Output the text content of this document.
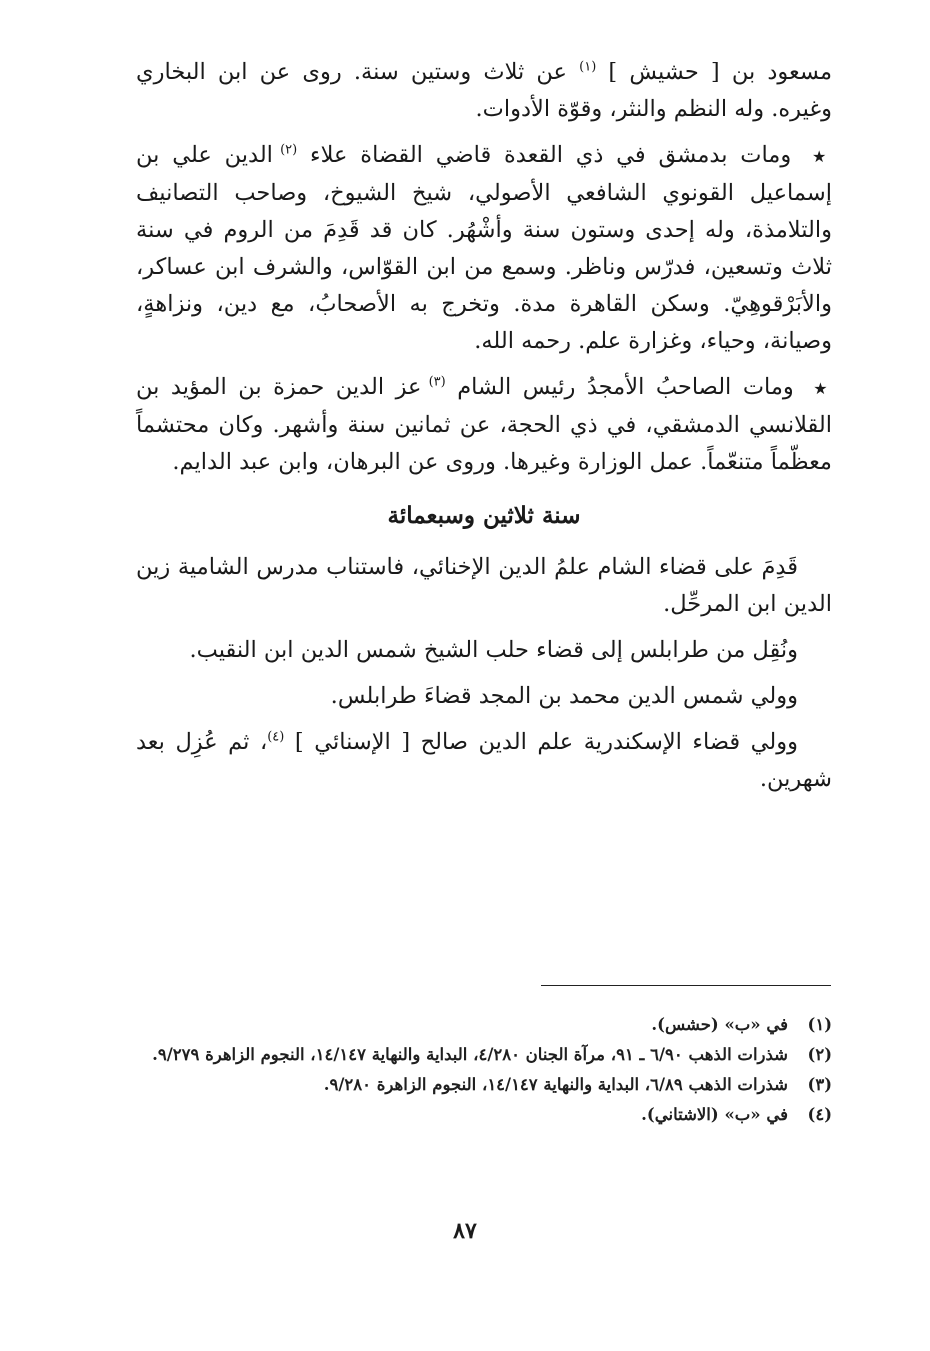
مسعود بن [ حشيش ] $^{(١)}$ عن ثلاث وستين سنة. روى عن ابن البخاري وغيره. وله النظم والنثر، وقوّة الأدوات.

★ ومات بدمشق في ذي القعدة قاضي القضاة علاء $^{(٢)}$ الدين علي بن إسماعيل القونوي الشافعي الأصولي، شيخ الشيوخ، وصاحب التصانيف والتلامذة، وله إحدى وستون سنة وأشْهُر. كان قد قَدِمَ من الروم في سنة ثلاث وتسعين، فدرّس وناظر. وسمع من ابن القوّاس، والشرف ابن عساكر، والأبَرْقوهِيّ. وسكن القاهرة مدة. وتخرج به الأصحابُ، مع دين، ونزاهةٍ، وصيانة، وحياء، وغزارة علم. رحمه الله.

★ ومات الصاحبُ الأمجدُ رئيس الشام $^{(٣)}$ عز الدين حمزة بن المؤيد بن القلانسي الدمشقي، في ذي الحجة، عن ثمانين سنة وأشهر. وكان محتشماً معظّماً متنعّماً. عمل الوزارة وغيرها. وروى عن البرهان، وابن عبد الدايم.

سنة ثلاثين وسبعمائة

قَدِمَ على قضاء الشام علمُ الدين الإخنائي، فاستناب مدرس الشامية زين الدين ابن المرحِّل.

ونُقِل من طرابلس إلى قضاء حلب الشيخ شمس الدين ابن النقيب.

وولي شمس الدين محمد بن المجد قضاءَ طرابلس.

وولي قضاء الإسكندرية علم الدين صالح [ الإسنائي ] $^{(٤)}$، ثم عُزِل بعد شهرين.

(١)
في «ب» (حشس).
(٢)
شذرات الذهب ٦/٩٠ ـ ٩١، مرآة الجنان ٤/٢٨٠، البداية والنهاية ١٤/١٤٧، النجوم الزاهرة ٩/٢٧٩.
(٣)
شذرات الذهب ٦/٨٩، البداية والنهاية ١٤/١٤٧، النجوم الزاهرة ٩/٢٨٠.
(٤)
في «ب» (الاشتاني).
٨٧
